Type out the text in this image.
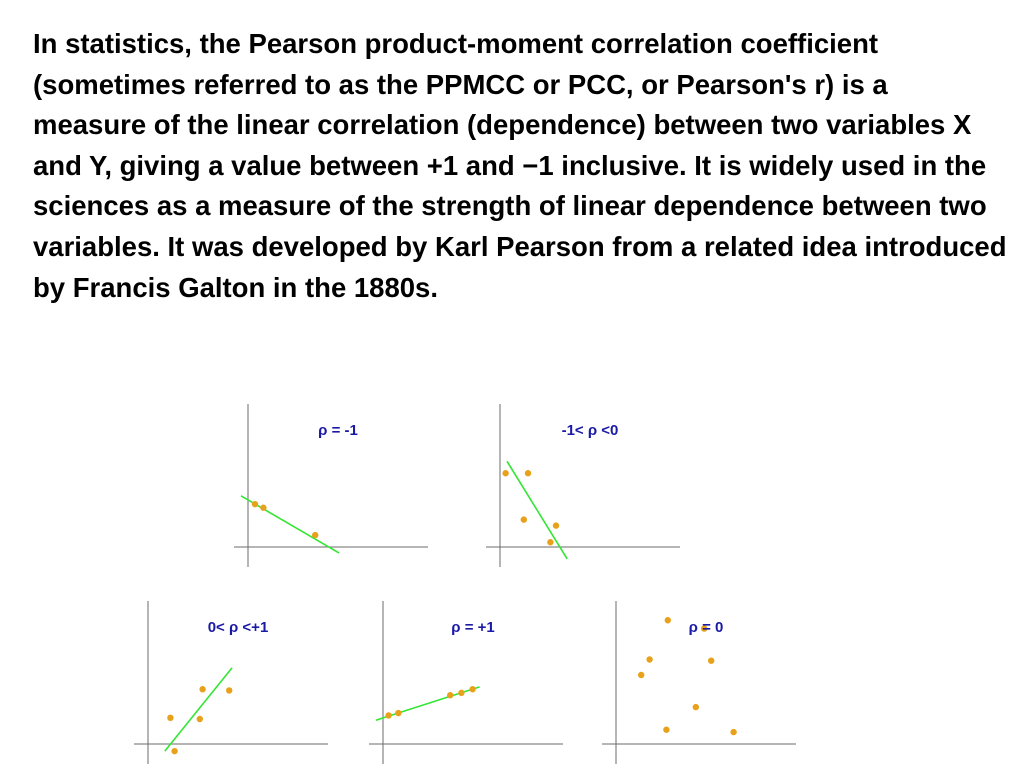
In statistics, the Pearson product-moment correlation coefficient (sometimes referred to as the PPMCC or PCC, or Pearson's r) is a measure of the linear correlation (dependence) between two variables X and Y, giving a value between +1 and −1 inclusive. It is widely used in the sciences as a measure of the strength of linear dependence between two variables. It was developed by Karl Pearson from a related idea introduced by Francis Galton in the 1880s.

ρ = -1	-1< ρ <0
0< ρ <+1	ρ = +1	ρ = 0
